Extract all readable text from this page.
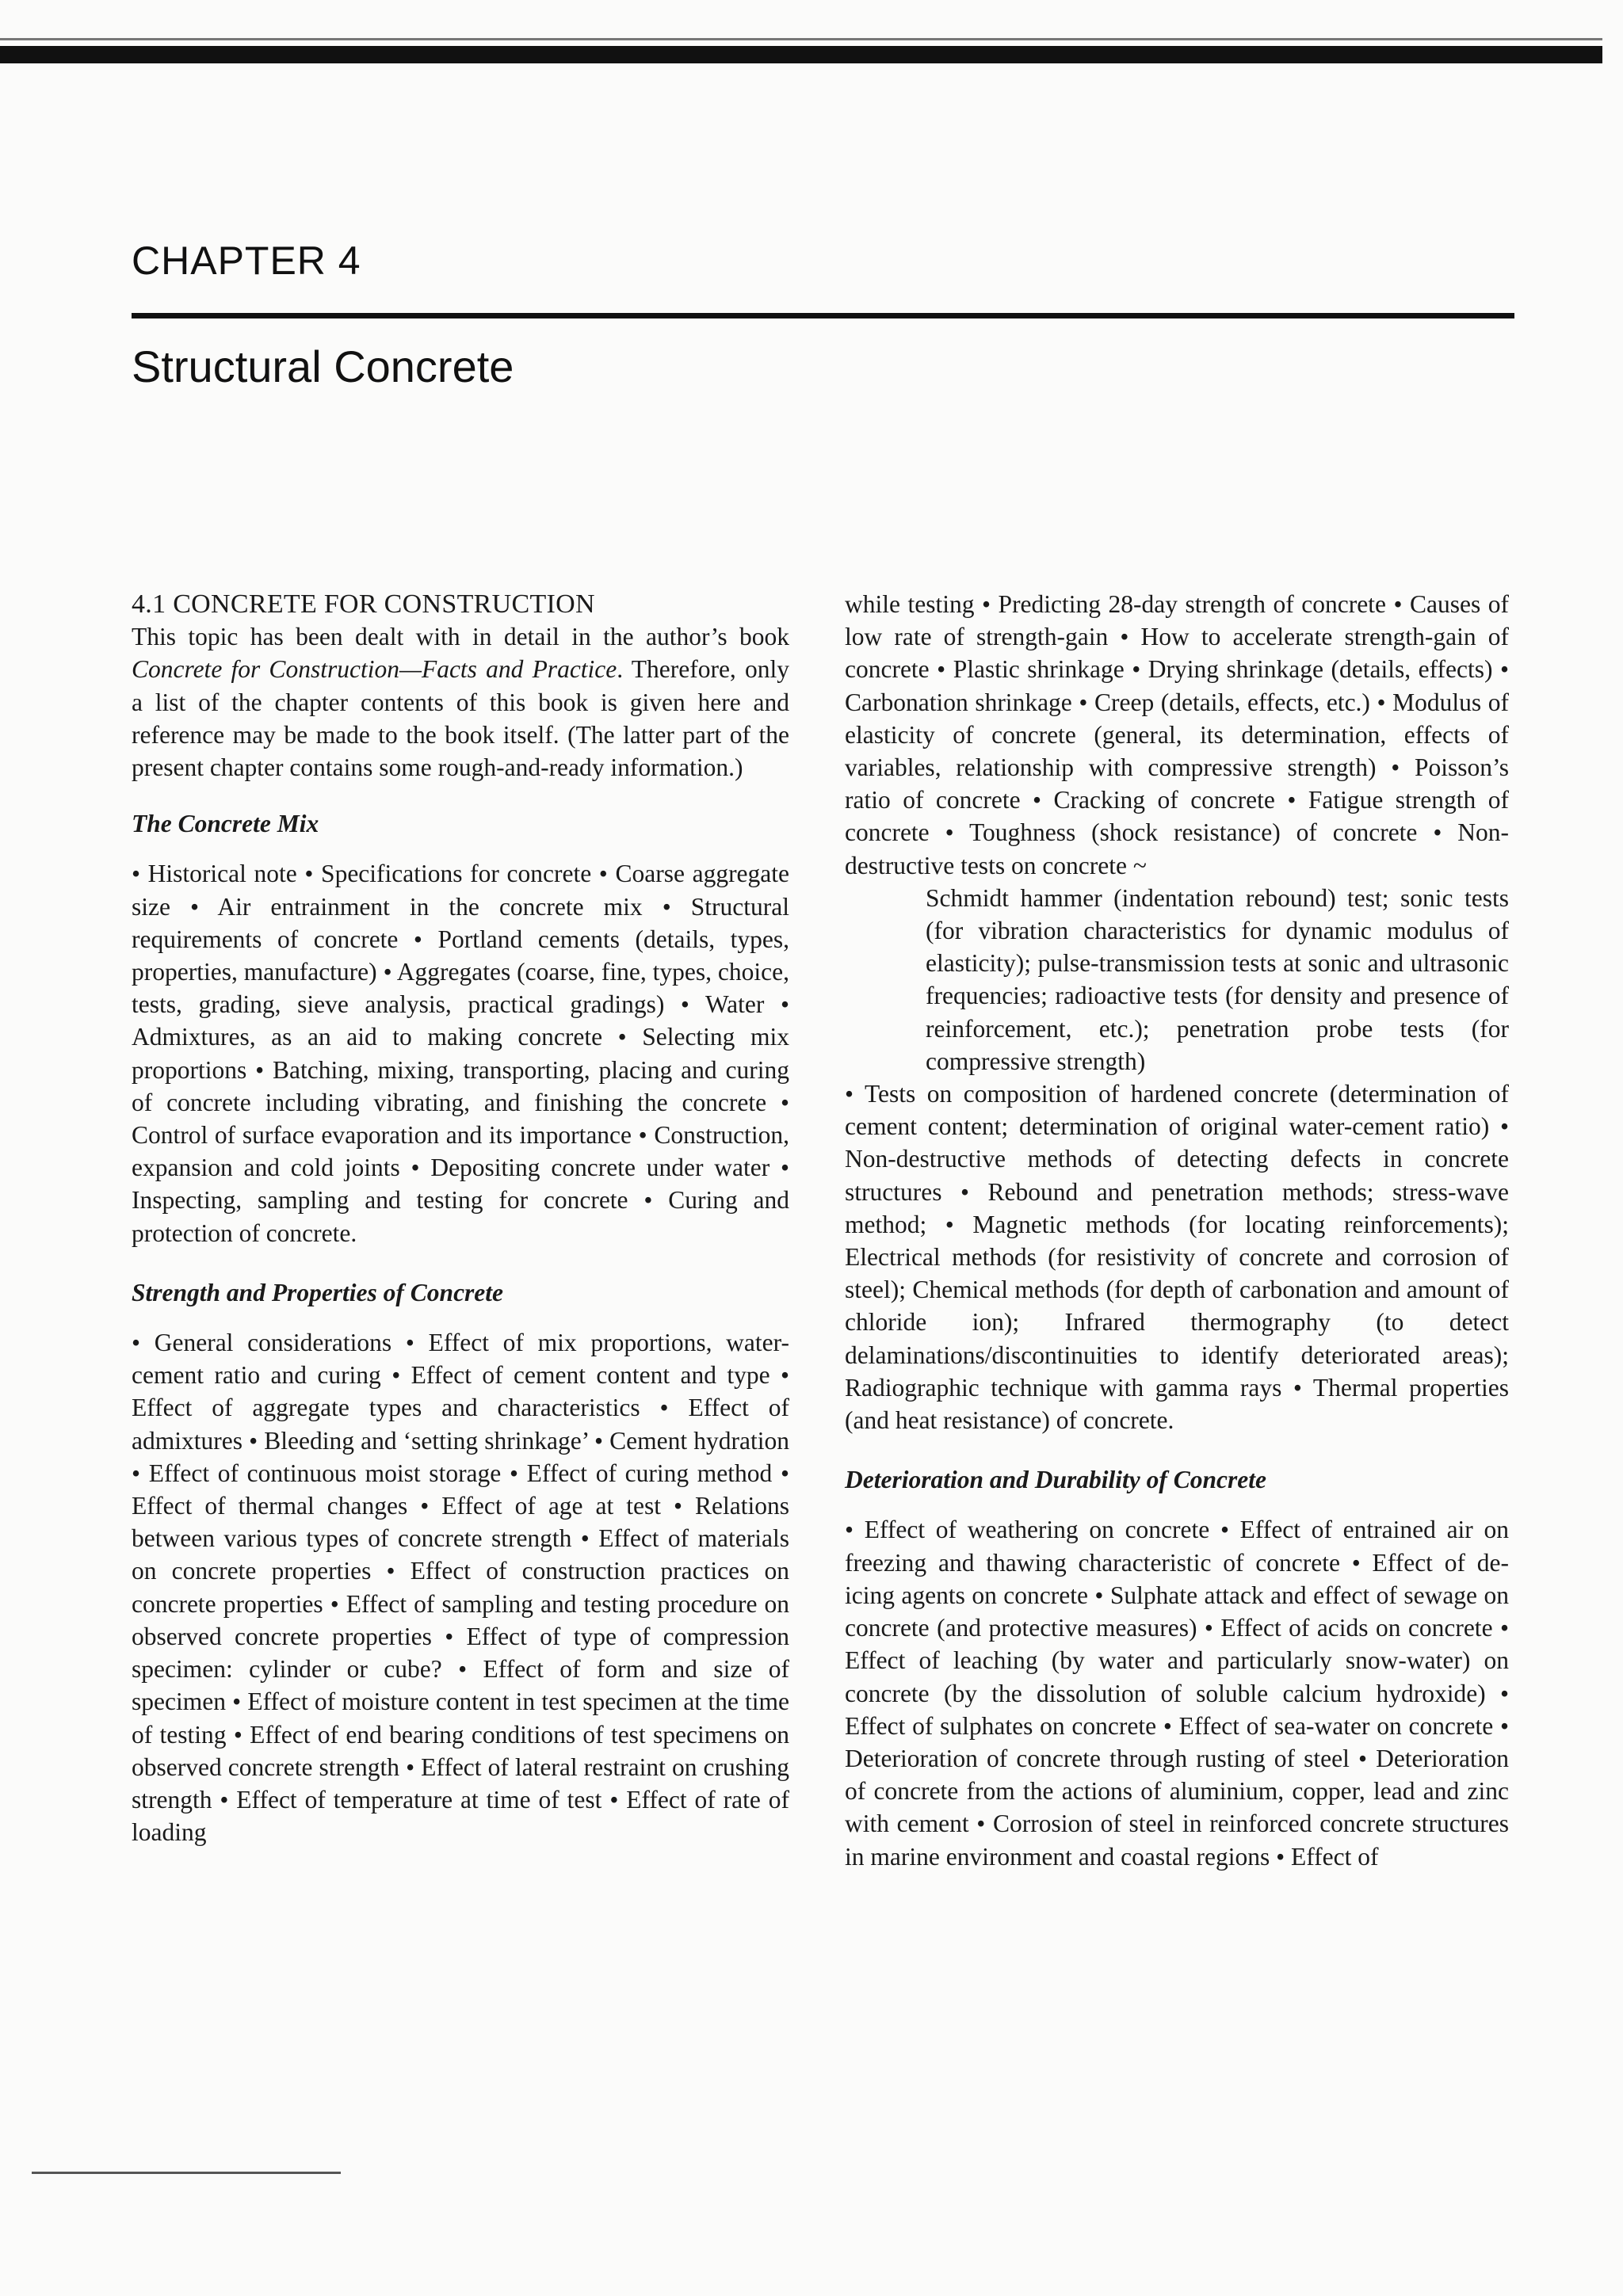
CHAPTER 4
Structural Concrete

4.1 CONCRETE FOR CONSTRUCTION

This topic has been dealt with in detail in the author’s book Concrete for Construction—Facts and Practice. Therefore, only a list of the chapter contents of this book is given here and reference may be made to the book itself. (The latter part of the present chapter contains some rough-and-ready information.)

The Concrete Mix

• Historical note • Specifications for concrete • Coarse aggregate size • Air entrainment in the concrete mix • Structural requirements of concrete • Portland cements (details, types, properties, manufacture) • Aggregates (coarse, fine, types, choice, tests, grading, sieve analysis, practical gradings) • Water • Admixtures, as an aid to making concrete • Selecting mix proportions • Batching, mixing, transporting, placing and curing of concrete including vibrating, and finishing the concrete • Control of surface evaporation and its importance • Construction, expansion and cold joints • Depositing concrete under water • Inspecting, sampling and testing for concrete • Curing and protection of concrete.

Strength and Properties of Concrete

• General considerations • Effect of mix proportions, water-cement ratio and curing • Effect of cement content and type • Effect of aggregate types and characteristics • Effect of admixtures • Bleeding and ‘setting shrinkage’ • Cement hydration • Effect of continuous moist storage • Effect of curing method • Effect of thermal changes • Effect of age at test • Relations between various types of concrete strength • Effect of materials on concrete properties • Effect of construction practices on concrete properties • Effect of sampling and testing procedure on observed concrete properties • Effect of type of compression specimen: cylinder or cube? • Effect of form and size of specimen • Effect of moisture content in test specimen at the time of testing • Effect of end bearing conditions of test specimens on observed concrete strength • Effect of lateral restraint on crushing strength • Effect of temperature at time of test • Effect of rate of loading

while testing • Predicting 28-day strength of concrete • Causes of low rate of strength-gain • How to accelerate strength-gain of concrete • Plastic shrinkage • Drying shrinkage (details, effects) • Carbonation shrinkage • Creep (details, effects, etc.) • Modulus of elasticity of concrete (general, its determination, effects of variables, relationship with compressive strength) • Poisson’s ratio of concrete • Cracking of concrete • Fatigue strength of concrete • Toughness (shock resistance) of concrete • Non-destructive tests on concrete ~

Schmidt hammer (indentation rebound) test; sonic tests (for vibration characteristics for dynamic modulus of elasticity); pulse-transmission tests at sonic and ultrasonic frequencies; radioactive tests (for density and presence of reinforcement, etc.); penetration probe tests (for compressive strength)

• Tests on composition of hardened concrete (determination of cement content; determination of original water-cement ratio) • Non-destructive methods of detecting defects in concrete structures • Rebound and penetration methods; stress-wave method; • Magnetic methods (for locating reinforcements); Electrical methods (for resistivity of concrete and corrosion of steel); Chemical methods (for depth of carbonation and amount of chloride ion); Infrared thermography (to detect delaminations/discontinuities to identify deteriorated areas); Radiographic technique with gamma rays • Thermal properties (and heat resistance) of concrete.

Deterioration and Durability of Concrete

• Effect of weathering on concrete • Effect of entrained air on freezing and thawing characteristic of concrete • Effect of de-icing agents on concrete • Sulphate attack and effect of sewage on concrete (and protective measures) • Effect of acids on concrete • Effect of leaching (by water and particularly snow-water) on concrete (by the dissolution of soluble calcium hydroxide) • Effect of sulphates on concrete • Effect of sea-water on concrete • Deterioration of concrete through rusting of steel • Deterioration of concrete from the actions of aluminium, copper, lead and zinc with cement • Corrosion of steel in reinforced concrete structures in marine environment and coastal regions • Effect of
